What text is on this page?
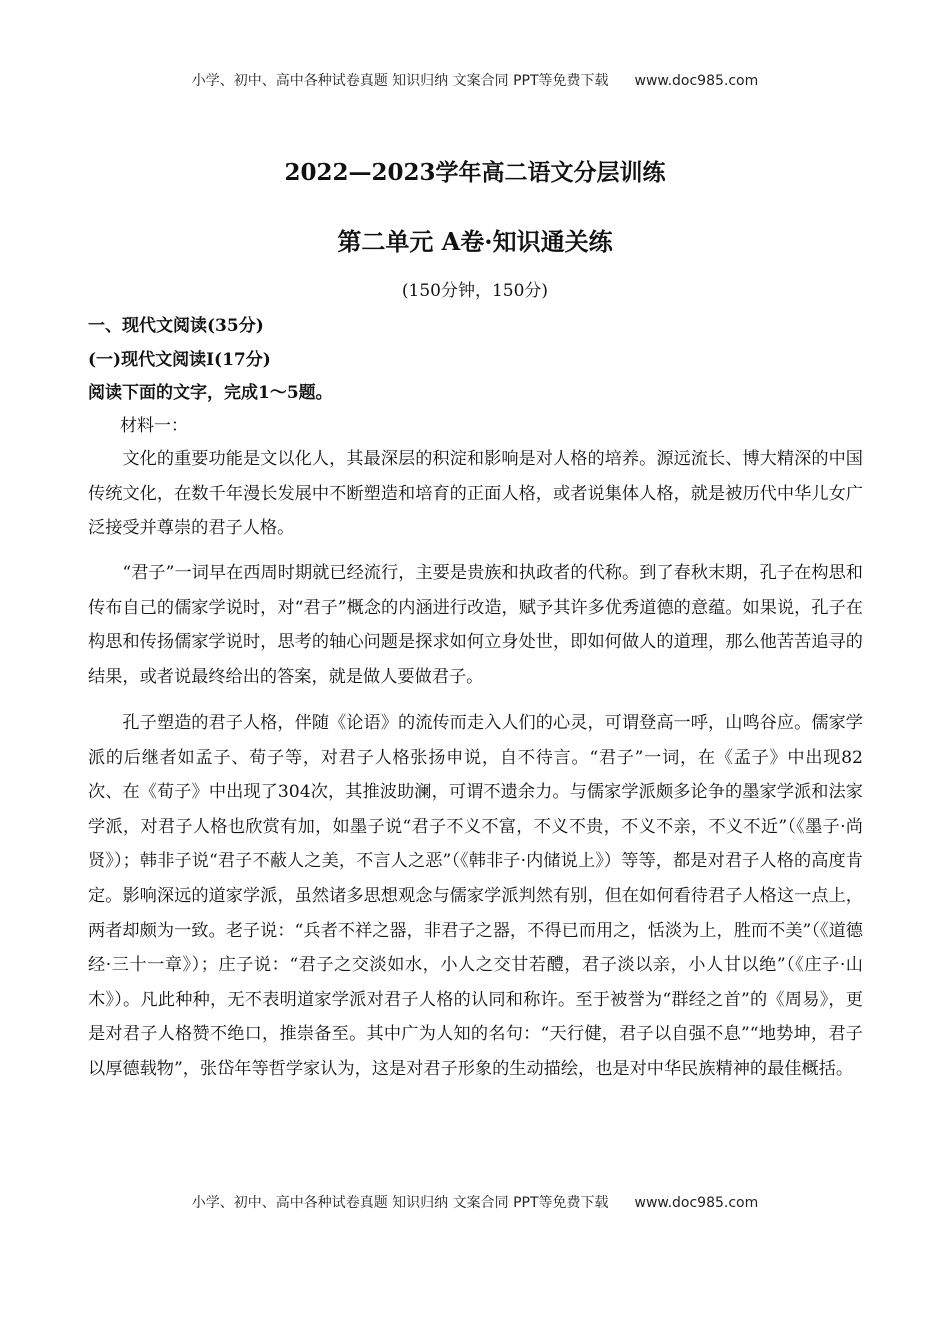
小学、初中、高中各种试卷真题 知识归纳 文案合同 PPT等免费下载 www.doc985.com
2022—2023学年高二语文分层训练
第二单元 A卷·知识通关练
(150分钟，150分)
一、现代文阅读(35分)
(一)现代文阅读Ⅰ(17分)
阅读下面的文字，完成1～5题。
材料一：

文化的重要功能是文以化人，其最深层的积淀和影响是对人格的培养。源远流长、博大精深的中国传统文化，在数千年漫长发展中不断塑造和培育的正面人格，或者说集体人格，就是被历代中华儿女广泛接受并尊崇的君子人格。

“君子”一词早在西周时期就已经流行，主要是贵族和执政者的代称。到了春秋末期，孔子在构思和传布自己的儒家学说时，对“君子”概念的内涵进行改造，赋予其许多优秀道德的意蕴。如果说，孔子在构思和传扬儒家学说时，思考的轴心问题是探求如何立身处世，即如何做人的道理，那么他苦苦追寻的结果，或者说最终给出的答案，就是做人要做君子。

孔子塑造的君子人格，伴随《论语》的流传而走入人们的心灵，可谓登高一呼，山鸣谷应。儒家学派的后继者如孟子、荀子等，对君子人格张扬申说，自不待言。“君子”一词，在《孟子》中出现82次、在《荀子》中出现了304次，其推波助澜，可谓不遗余力。与儒家学派颇多论争的墨家学派和法家学派，对君子人格也欣赏有加，如墨子说“君子不义不富，不义不贵，不义不亲，不义不近”（《墨子·尚贤》）；韩非子说“君子不蔽人之美，不言人之恶”（《韩非子·内储说上》）等等，都是对君子人格的高度肯定。影响深远的道家学派，虽然诸多思想观念与儒家学派判然有别，但在如何看待君子人格这一点上，两者却颇为一致。老子说：“兵者不祥之器，非君子之器，不得已而用之，恬淡为上，胜而不美”（《道德经·三十一章》）；庄子说：“君子之交淡如水，小人之交甘若醴，君子淡以亲，小人甘以绝”（《庄子·山木》）。凡此种种，无不表明道家学派对君子人格的认同和称许。至于被誉为“群经之首”的《周易》，更是对君子人格赞不绝口，推崇备至。其中广为人知的名句：“天行健，君子以自强不息”“地势坤，君子以厚德载物”，张岱年等哲学家认为，这是对君子形象的生动描绘，也是对中华民族精神的最佳概括。

小学、初中、高中各种试卷真题 知识归纳 文案合同 PPT等免费下载 www.doc985.com
